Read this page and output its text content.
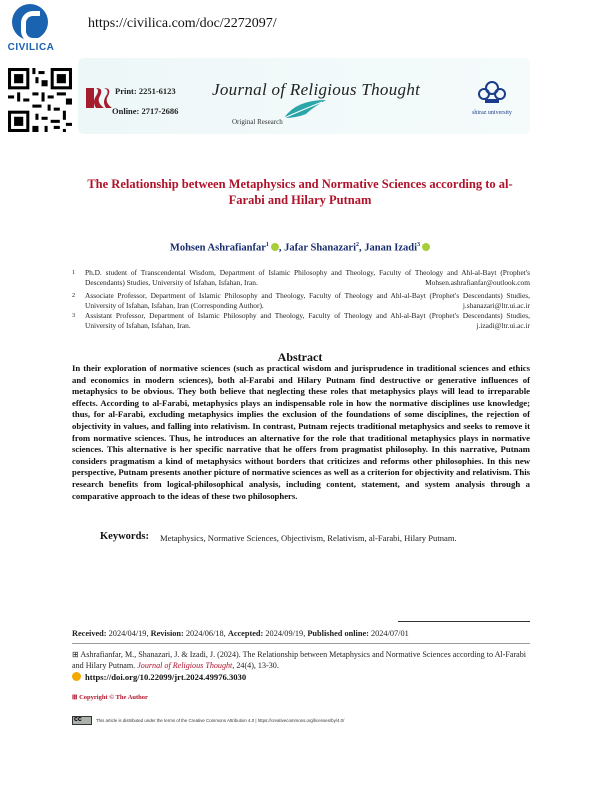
CIVILICA
https://civilica.com/doc/2272097/
Print: 2251-6123
Online: 2717-2686
Journal of Religious Thought
Original Research
shiraz university
The Relationship between Metaphysics and Normative Sciences according to al-Farabi and Hilary Putnam
Mohsen Ashrafianfar$^1$ , Jafar Shanazari$^2$, Janan Izadi$^3$
1	Ph.D. student of Transcendental Wisdom, Department of Islamic Philosophy and Theology, Faculty of Theology and Ahl-al-Bayt (Prophet's Descendants) Studies, University of Isfahan, Isfahan, Iran.	Mohsen.ashrafianfar@outlook.com
2	Associate Professor, Department of Islamic Philosophy and Theology, Faculty of Theology and Ahl-al-Bayt (Prophet's Descendants) Studies, University of Isfahan, Isfahan, Iran (Corresponding Author).	j.shanazari@ltr.ui.ac.ir
3	Assistant Professor, Department of Islamic Philosophy and Theology, Faculty of Theology and Ahl-al-Bayt (Prophet's Descendants) Studies, University of Isfahan, Isfahan, Iran.	j.izadi@ltr.ui.ac.ir
Abstract
In their exploration of normative sciences (such as practical wisdom and jurisprudence in traditional sciences and ethics and economics in modern sciences), both al-Farabi and Hilary Putnam find destructive or generative influences of metaphysics to be obvious. They both believe that neglecting these roles that metaphysics plays will lead to irreparable effects. According to al-Farabi, metaphysics plays an indispensable role in how the normative disciplines use knowledge; thus, for al-Farabi, excluding metaphysics implies the exclusion of the foundations of some disciplines, the rejection of objectivity in values, and falling into relativism. In contrast, Putnam rejects traditional metaphysics and seeks to remove it from normative sciences. Thus, he introduces an alternative for the role that traditional metaphysics plays in normative sciences. This alternative is her specific narrative that he offers from pragmatist philosophy. In this narrative, Putnam considers pragmatism a kind of metaphysics without borders that criticizes and reforms other philosophies. In this new perspective, Putnam presents another picture of normative sciences as well as a criterion for objectivity and relativism. This research benefits from logical-philosophical analysis, including content, statement, and system analysis through a comparative approach to the ideas of these two philosophers.
Keywords: Metaphysics, Normative Sciences, Objectivism, Relativism, al-Farabi, Hilary Putnam.
Received: 2024/04/19, Revision: 2024/06/18, Accepted: 2024/09/19, Published online: 2024/07/01
⊞ Ashrafianfar, M., Shanazari, J. & Izadi, J. (2024). The Relationship between Metaphysics and Normative Sciences according to Al-Farabi and Hilary Putnam. Journal of Religious Thought, 24(4), 13-30.
https://doi.org/10.22099/jrt.2024.49976.3030
⊞ Copyright © The Author
cc
This article is distributed under the terms of the Creative Commons Attribution 4.0 | https://creativecommons.org/licenses/by/4.0/
